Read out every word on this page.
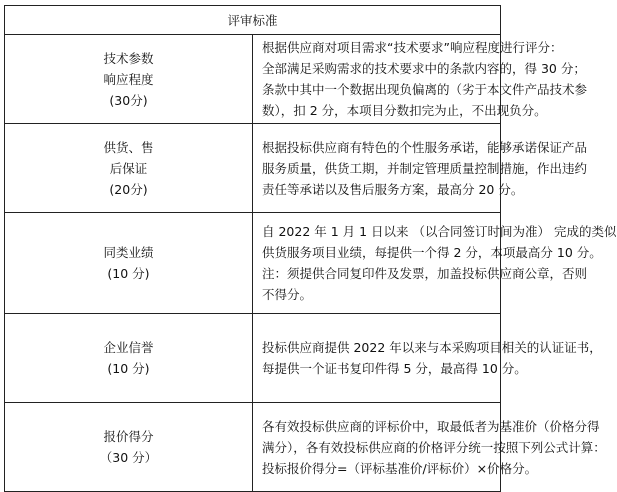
评审标准	

技术参数
响应程度
(30分)	根据供应商对项目需求“技术要求”响应程度进行评分：
全部满足采购需求的技术要求中的条款内容的，得 30 分；
条款中其中一个数据出现负偏离的（劣于本文件产品技术参
数），扣 2 分，本项目分数扣完为止，不出现负分。

供货、售
后保证
(20分)	根据投标供应商有特色的个性服务承诺，能够承诺保证产品
服务质量，供货工期，并制定管理质量控制措施，作出违约
责任等承诺以及售后服务方案，最高分 20 分。

同类业绩
(10 分)	自 2022 年 1 月 1 日以来 （以合同签订时间为准） 完成的类似
供货服务项目业绩，每提供一个得 2 分，本项最高分 10 分。
注：须提供合同复印件及发票，加盖投标供应商公章，否则
不得分。

企业信誉
(10 分)	投标供应商提供 2022 年以来与本采购项目相关的认证证书，
每提供一个证书复印件得 5 分，最高得 10 分。

报价得分
（30 分）	各有效投标供应商的评标价中，取最低者为基准价（价格分得
满分），各有效投标供应商的价格评分统一按照下列公式计算：
投标报价得分=（评标基准价/评标价）×价格分。
